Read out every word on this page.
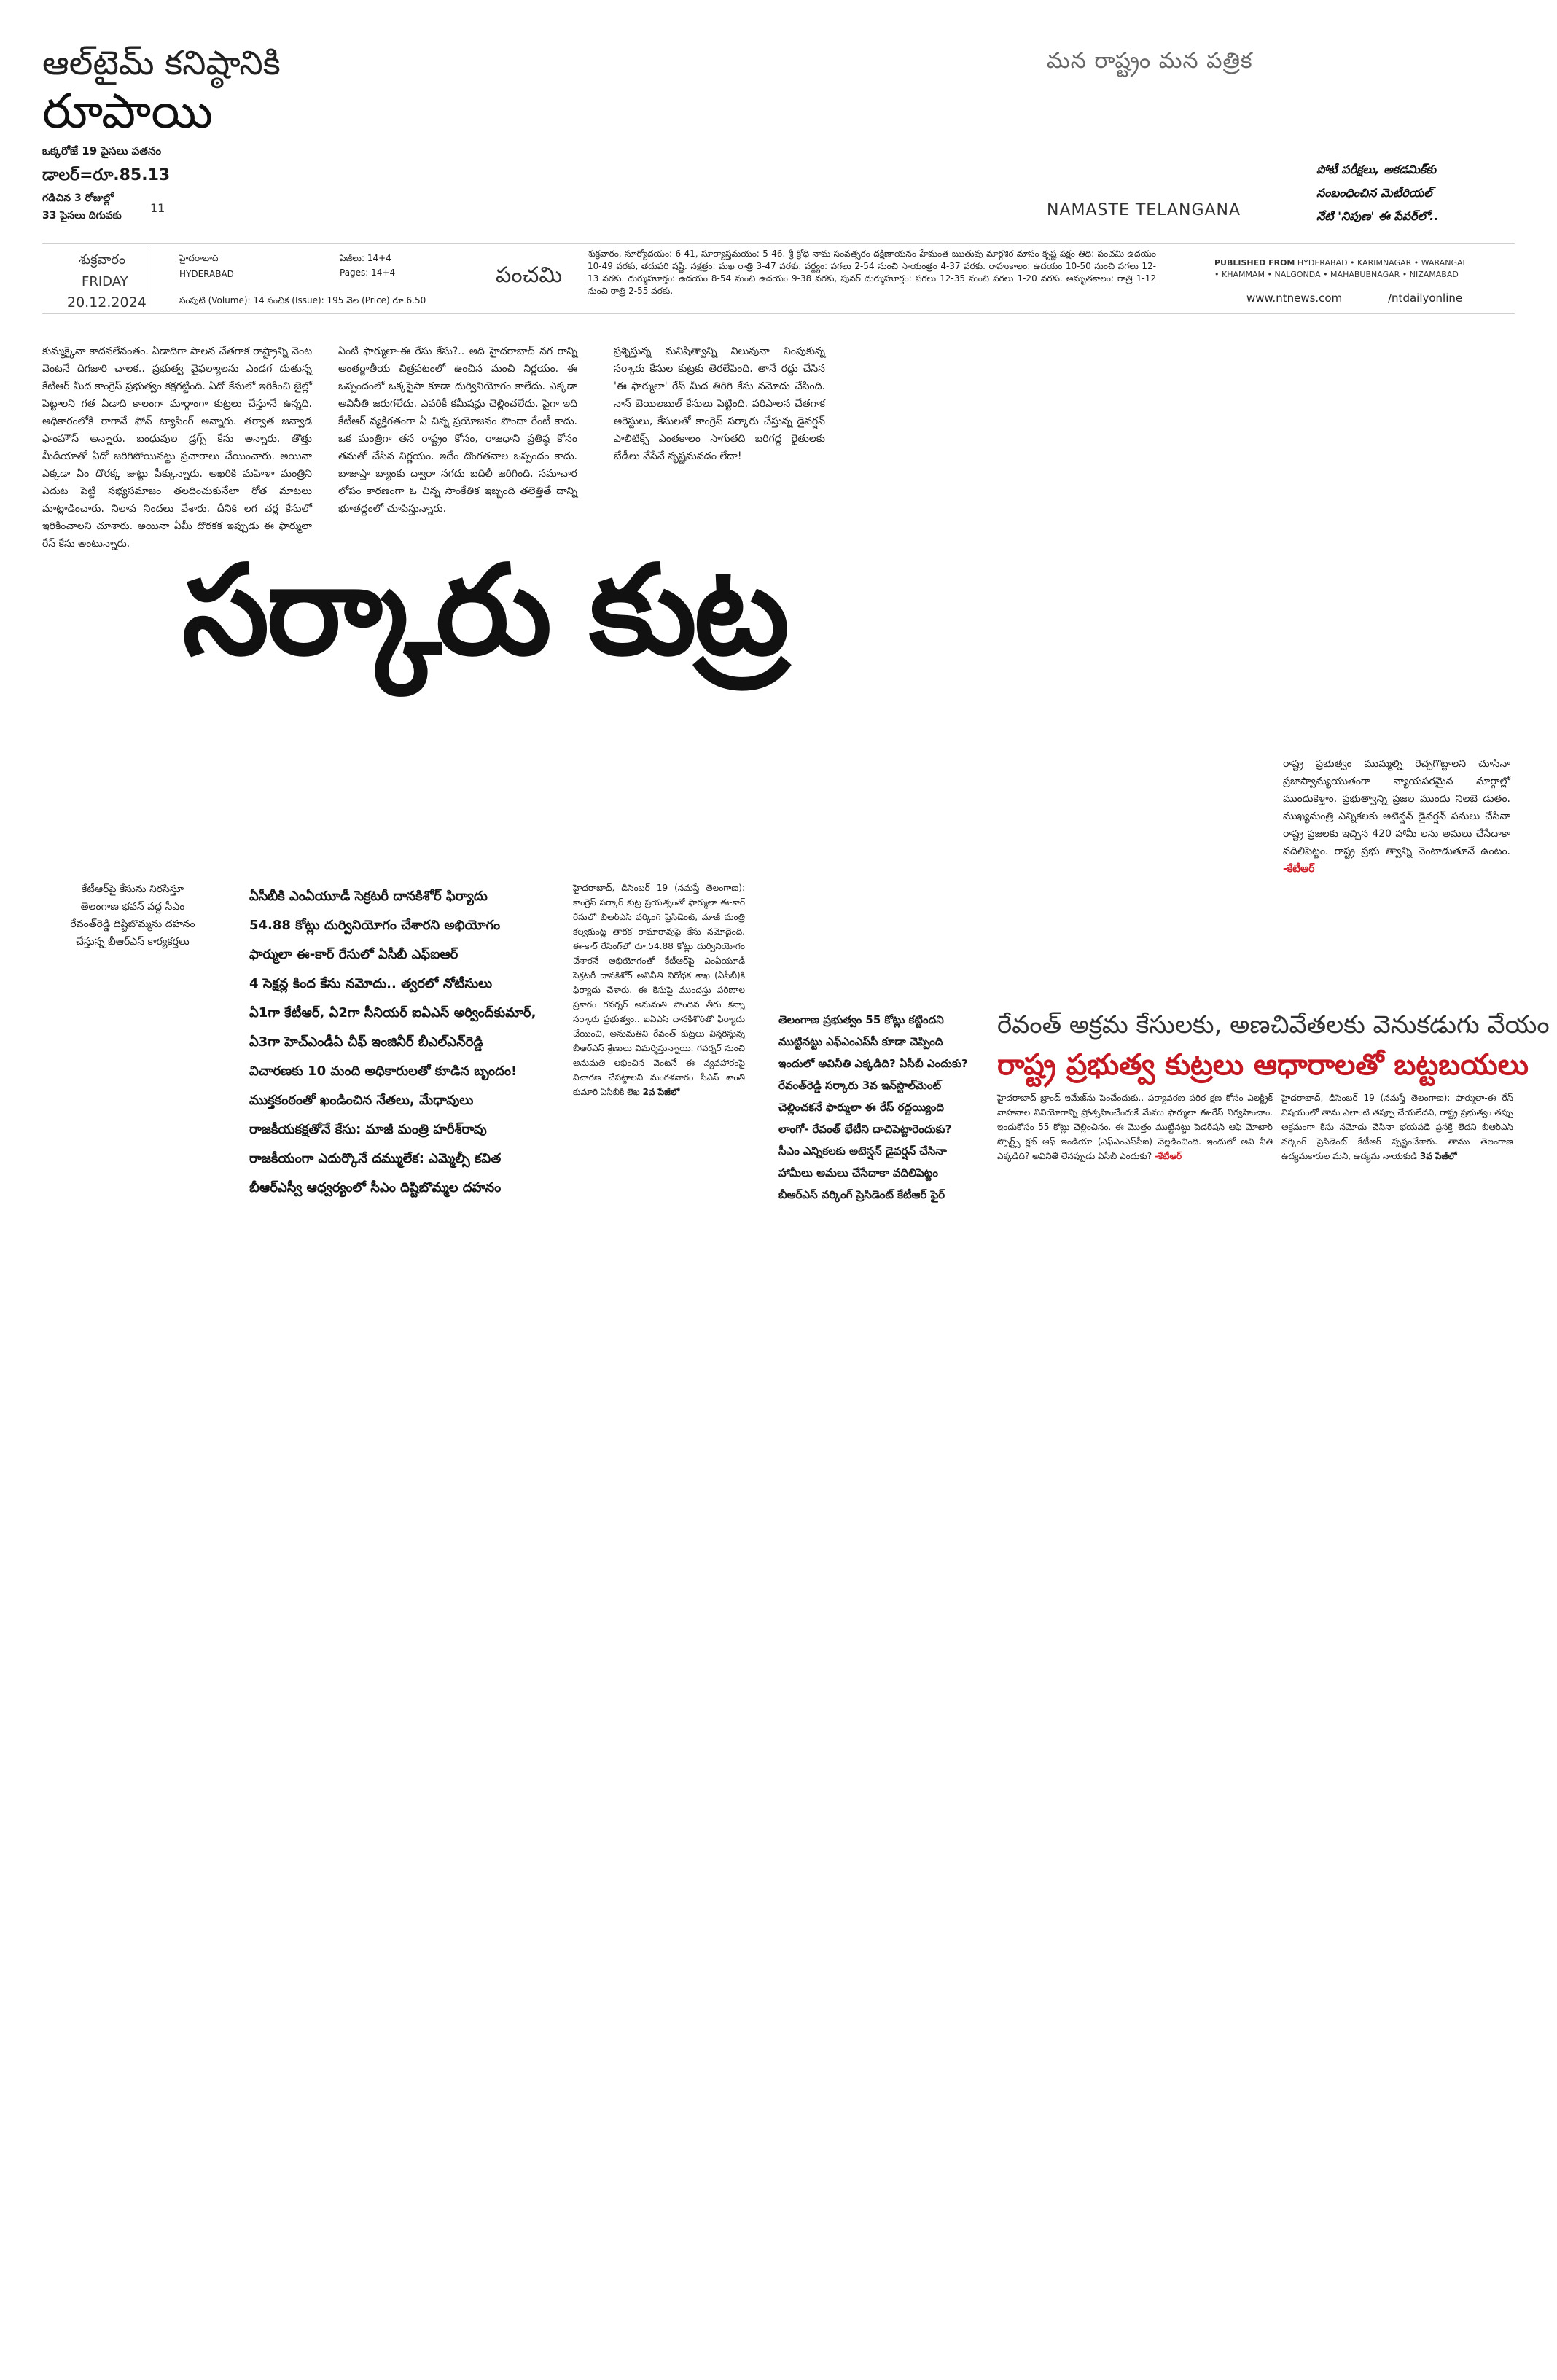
ఆల్‌టైమ్ కనిష్ఠానికి
రూపాయి
ఒక్కరోజే 19 పైసలు పతనం
డాలర్=రూ.85.13
గడిచిన 3 రోజుల్లో
33 పైసలు దిగువకు
11
మన రాష్ట్రం మన పత్రిక
NAMASTE TELANGANA
పోటీ పరీక్షలు, అకడమిక్‌కు
సంబంధించిన మెటీరియల్
నేటి 'నిపుణ' ఈ పేపర్‌లో..
శుక్రవారం
FRIDAY
20.12.2024
హైదరాబాద్
HYDERABAD
పేజీలు: 14+4
Pages: 14+4
సంపుటి (Volume): 14 సంచిక (Issue): 195 వెల (Price) రూ.6.50
పంచమి
శుక్రవారం, సూర్యోదయం: 6-41, సూర్యాస్తమయం: 5-46. శ్రీ క్రోధి నామ సంవత్సరం దక్షిణాయనం హేమంత ఋతువు మార్గశిర మాసం కృష్ణ పక్షం తిథి: పంచమి ఉదయం 10-49 వరకు, తదుపరి షష్టి. నక్షత్రం: మఖ రాత్రి 3-47 వరకు. వర్జ్యం: పగలు 2-54 నుంచి సాయంత్రం 4-37 వరకు. రాహుకాలం: ఉదయం 10-50 నుంచి పగలు 12-13 వరకు. దుర్ముహూర్తం: ఉదయం 8-54 నుంచి ఉదయం 9-38 వరకు, పునర్ దుర్ముహూర్తం: పగలు 12-35 నుంచి పగలు 1-20 వరకు. అమృతకాలం: రాత్రి 1-12 నుంచి రాత్రి 2-55 వరకు.
PUBLISHED FROM HYDERABAD • KARIMNAGAR • WARANGAL
• KHAMMAM • NALGONDA • MAHABUBNAGAR • NIZAMABAD
www.ntnews.com	/ntdailyonline
కుమ్మక్కైనా కాదనలేనంతం. ఏడాదిగా పాలన చేతగాక రాష్ట్రాన్ని వెంట వెంటనే దిగజారి చాలక.. ప్రభుత్వ వైఫల్యాలను ఎండగ దుతున్న కేటీఆర్ మీద కాంగ్రెస్ ప్రభుత్వం కక్షగట్టింది. ఏదో కేసులో ఇరికించి జైల్లో పెట్టాలని గత ఏడాది కాలంగా మార్గాంగా కుట్రలు చేస్తూనే ఉన్నది. అధికారంలోకి రాగానే ఫోన్ ట్యాపింగ్ అన్నారు. తర్వాత జన్వాడ ఫాంహౌస్ అన్నారు. బంధువుల డ్రగ్స్ కేసు అన్నారు. తొత్తు మీడియాతో ఏదో జరిగిపోయినట్టు ప్రచారాలు చేయించారు. అయినా ఎక్కడా ఏం దొరక్క జుట్టు పీక్కున్నారు. అఖరికి మహిళా మంత్రిని ఎదుట పెట్టి సభ్యసమాజం తలదించుకునేలా రోత మాటలు మాట్లాడించారు. నిలాప నిందలు వేశారు. దీనికి లగ చర్ల కేసులో ఇరికించాలని చూశారు. అయినా ఏమీ దొరకక ఇప్పుడు ఈ ఫార్ములా రేస్ కేసు అంటున్నారు.
ఏంటీ ఫార్ములా-ఈ రేసు కేసు?.. అది హైదరాబాద్ నగ రాన్ని అంతర్జాతీయ చిత్రపటంలో ఉంచిన మంచి నిర్ణయం. ఈ ఒప్పందంలో ఒక్కపైసా కూడా దుర్వినియోగం కాలేదు. ఎక్కడా అవినీతి జరుగలేదు. ఎవరికీ కమీషన్లు చెల్లించలేదు. పైగా ఇది కేటీఆర్ వ్యక్తిగతంగా ఏ చిన్న ప్రయోజనం పొందా రేంటీ కాదు. ఒక మంత్రిగా తన రాష్ట్రం కోసం, రాజధాని ప్రతిష్ఠ కోసం తనుతో చేసిన నిర్ణయం. ఇదేం దొంగతనాల ఒప్పందం కాదు. బాజాప్తా బ్యాంకు ద్వారా నగదు బదిలీ జరిగింది. సమాచార లోపం కారణంగా ఓ చిన్న సాంకేతిక ఇబ్బంది తలెత్తితే దాన్ని భూతద్దంలో చూపిస్తున్నారు.
ప్రశ్నిస్తున్న మనిషిత్వాన్ని నిలువునా నింపుకున్న సర్కారు కేసుల కుట్రకు తెరలేపింది. తానే రద్దు చేసిన 'ఈ ఫార్ములా' రేస్ మీద తిరిగి కేసు నమోదు చేసింది. నాన్ బెయిలబుల్ కేసులు పెట్టింది. పరిపాలన చేతగాక అరెస్టులు, కేసులతో కాంగ్రెస్ సర్కారు చేస్తున్న డైవర్షన్ పాలిటిక్స్ ఎంతకాలం సాగుతది బరిగద్ద రైతులకు బేడీలు వేసేనే నృష్ణమవడం లేదా!
సర్కారు కుట్ర
రాష్ట్ర ప్రభుత్వం ముమ్మల్ని రెచ్చగొట్టాలని చూసినా ప్రజాస్వామ్యయుతంగా న్యాయపరమైన మార్గాల్లో ముందుకెళ్తాం. ప్రభుత్వాన్ని ప్రజల ముందు నిలబె డుతం. ముఖ్యమంత్రి ఎన్నికలకు అటెన్షన్ డైవర్షన్ పనులు చేసినా రాష్ట్ర ప్రజలకు ఇచ్చిన 420 హామీ లను అమలు చేసేదాకా వదిలిపెట్టం. రాష్ట్ర ప్రభు త్వాన్ని వెంటాడుతూనే ఉంటం. -కేటీఆర్
కేటీఆర్‌పై కేసును నిరసిస్తూ తెలంగాణ భవన్ వద్ద సీఎం రేవంత్‌రెడ్డి దిష్టిబొమ్మను దహనం చేస్తున్న బీఆర్‌ఎస్ కార్యకర్తలు
ఏసీబీకి ఎంఏయూడీ సెక్రటరీ దానకిశోర్ ఫిర్యాదు
54.88 కోట్లు దుర్వినియోగం చేశారని అభియోగం
ఫార్ములా ఈ-కార్ రేసులో ఏసీబీ ఎఫ్ఐఆర్
4 సెక్షన్ల కింద కేసు నమోదు.. త్వరలో నోటీసులు
ఏ1గా కేటీఆర్, ఏ2గా సీనియర్ ఐఏఎస్ అర్వింద్‌కుమార్,
ఏ3గా హెచ్ఎండీఏ చీఫ్ ఇంజినీర్ బీఎల్ఎన్‌రెడ్డి
విచారణకు 10 మంది అధికారులతో కూడిన బృందం!
ముక్తకంఠంతో ఖండించిన నేతలు, మేధావులు
రాజకీయకక్షతోనే కేసు: మాజీ మంత్రి హరీశ్‌రావు
రాజకీయంగా ఎదుర్కొనే దమ్ములేక: ఎమ్మెల్సీ కవిత
బీఆర్‌ఎస్వీ ఆధ్వర్యంలో సీఎం దిష్టిబొమ్మల దహనం
హైదరాబాద్, డిసెంబర్ 19 (నమస్తే తెలంగాణ): కాంగ్రెస్ సర్కార్ కుట్ర ప్రయత్నంతో ఫార్ములా ఈ-కార్ రేసులో బీఆర్ఎస్ వర్కింగ్ ప్రెసిడెంట్, మాజీ మంత్రి కల్వకుంట్ల తారక రామారావుపై కేసు నమోదైంది. ఈ-కార్ రేసింగ్‌లో రూ.54.88 కోట్లు దుర్వినియోగం చేశారనే అభియోగంతో కేటీఆర్‌పై ఎంఏయూడీ సెక్రటరీ దానకిశోర్ అవినీతి నిరోధక శాఖ (ఏసీబీ)కి ఫిర్యాదు చేశారు. ఈ కేసుపై ముందస్తు పరిణాల ప్రకారం గవర్నర్ అనుమతి పొందిన తీరు కన్నా సర్కారు ప్రభుత్వం.. ఐఏఎస్ దానకిశోర్‌తో ఫిర్యాదు చేయించి, అనుమతిని రేవంత్ కుట్రలు విస్తరిస్తున్న బీఆర్ఎస్ శ్రేణులు విమర్శిస్తున్నాయి. గవర్నర్ నుంచి అనుమతి లభించిన వెంటనే ఈ వ్యవహారంపై విచారణ చేపట్టాలని మంగళవారం సీఎస్ శాంతి కుమారి ఏసీబీకి లేఖ 2వ పేజీలో
తెలంగాణ ప్రభుత్వం 55 కోట్లు కట్టిందని ముట్టినట్టు ఎఫ్ఎంఎస్‌సీ కూడా చెప్పింది ఇందులో అవినీతి ఎక్కడిది? ఏసీబీ ఎందుకు? రేవంత్‌రెడ్డి సర్కారు 3వ ఇన్‌స్టాల్‌మెంట్ చెల్లించకనే ఫార్ములా ఈ రేస్ రద్దయ్యింది లాంగో- రేవంత్ భేటీని దాచిపెట్టారెందుకు? సీఎం ఎన్నికలకు అటెన్షన్ డైవర్షన్ చేసినా హామీలు అమలు చేసేదాకా వదిలిపెట్టం బీఆర్ఎస్ వర్కింగ్ ప్రెసిడెంట్ కేటీఆర్ ఫైర్
రేవంత్ అక్రమ కేసులకు, అణచివేతలకు వెనుకడుగు వేయం
రాష్ట్ర ప్రభుత్వ కుట్రలు ఆధారాలతో బట్టబయలు
హైదరాబాద్ బ్రాండ్ ఇమేజ్‌ను పెంచేందుకు.. పర్యావరణ పరిర క్షణ కోసం ఎలక్ట్రిక్ వాహనాల వినియోగాన్ని ప్రోత్సహించేందుకే మేము ఫార్ములా ఈ-రేస్ నిర్వహించాం. ఇందుకోసం 55 కోట్లు చెల్లించినం. ఈ మొత్తం ముట్టినట్టు పెడరేషన్ ఆఫ్ మోటార్ స్పోర్ట్స్ క్లబ్ ఆఫ్ ఇండియా (ఎఫ్ఎంఎస్‌సీఐ) వెల్లడించింది. ఇందులో అవి నీతి ఎక్కడిది? అవినీతే లేనప్పుడు ఏసీబీ ఎందుకు? -కేటీఆర్
హైదరాబాద్, డిసెంబర్ 19 (నమస్తే తెలంగాణ): ఫార్ములా-ఈ రేస్ విషయంలో తాను ఎలాంటి తప్పూ చేయలేదని, రాష్ట్ర ప్రభుత్వం తప్పు అక్రమంగా కేసు నమోదు చేసినా భయపడే ప్రసక్తే లేదని బీఆర్ఎస్ వర్కింగ్ ప్రెసిడెంట్ కేటీఆర్ స్పష్టంచేశారు. తాము తెలంగాణ ఉద్యమకారుల మని, ఉద్యమ నాయకుడి 3వ పేజీలో
